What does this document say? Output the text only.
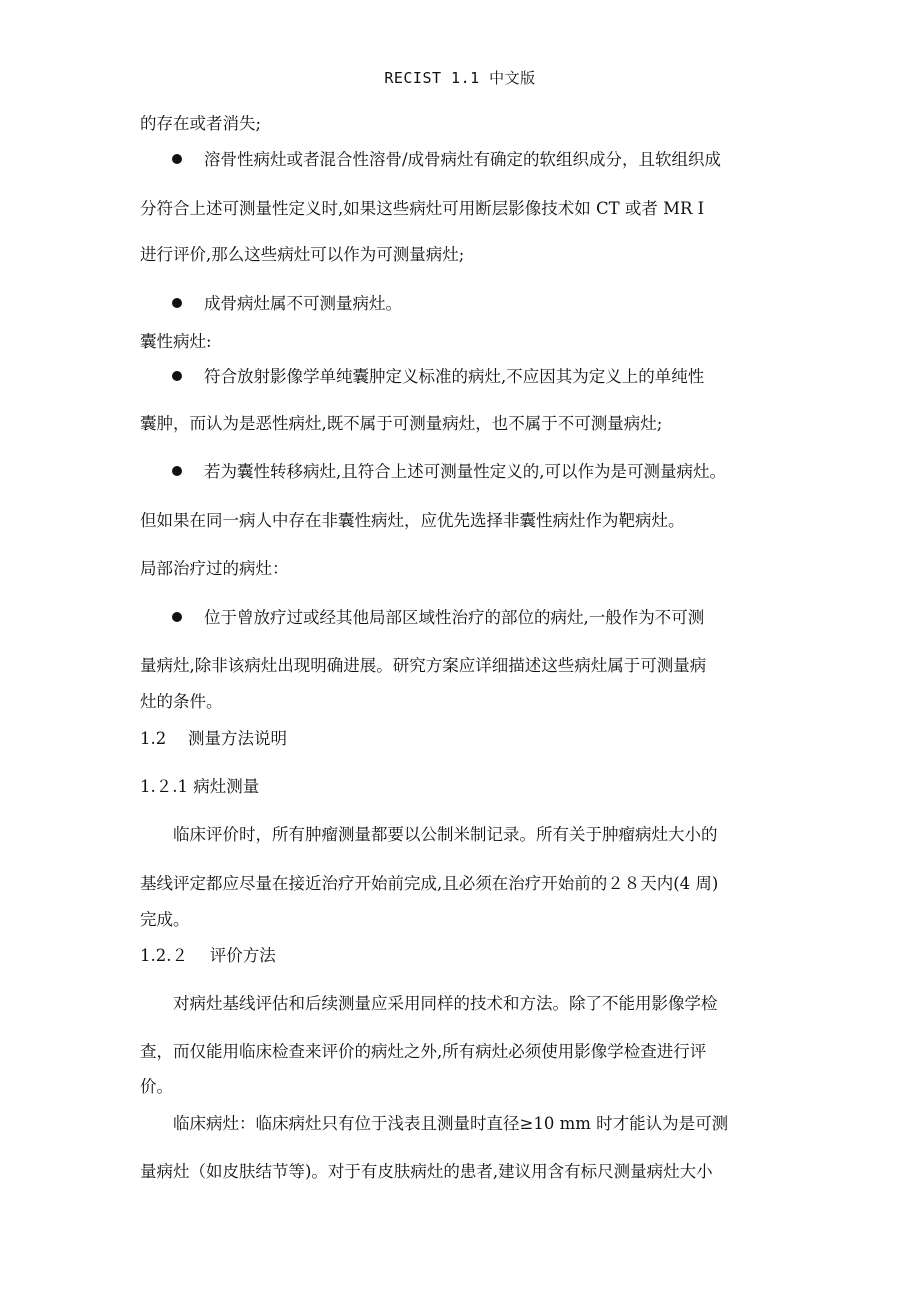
RECIST 1.1 中文版
的存在或者消失;
溶骨性病灶或者混合性溶骨/成骨病灶有确定的软组织成分，且软组织成
分符合上述可测量性定义时,如果这些病灶可用断层影像技术如 CT 或者 MR I
进行评价,那么这些病灶可以作为可测量病灶;
成骨病灶属不可测量病灶。
囊性病灶:
符合放射影像学单纯囊肿定义标准的病灶,不应因其为定义上的单纯性
囊肿，而认为是恶性病灶,既不属于可测量病灶，也不属于不可测量病灶;
若为囊性转移病灶,且符合上述可测量性定义的,可以作为是可测量病灶。
但如果在同一病人中存在非囊性病灶，应优先选择非囊性病灶作为靶病灶。
局部治疗过的病灶：
位于曾放疗过或经其他局部区域性治疗的部位的病灶,一般作为不可测
量病灶,除非该病灶出现明确进展。研究方案应详细描述这些病灶属于可测量病
灶的条件。
1.2　 测量方法说明
1.２.1 病灶测量
临床评价时，所有肿瘤测量都要以公制米制记录。所有关于肿瘤病灶大小的
基线评定都应尽量在接近治疗开始前完成,且必须在治疗开始前的２８天内(4 周)
完成。
1.2.２　 评价方法
对病灶基线评估和后续测量应采用同样的技术和方法。除了不能用影像学检
查，而仅能用临床检查来评价的病灶之外,所有病灶必须使用影像学检查进行评
价。
临床病灶：临床病灶只有位于浅表且测量时直径≥10 mm 时才能认为是可测
量病灶（如皮肤结节等)。对于有皮肤病灶的患者,建议用含有标尺测量病灶大小
